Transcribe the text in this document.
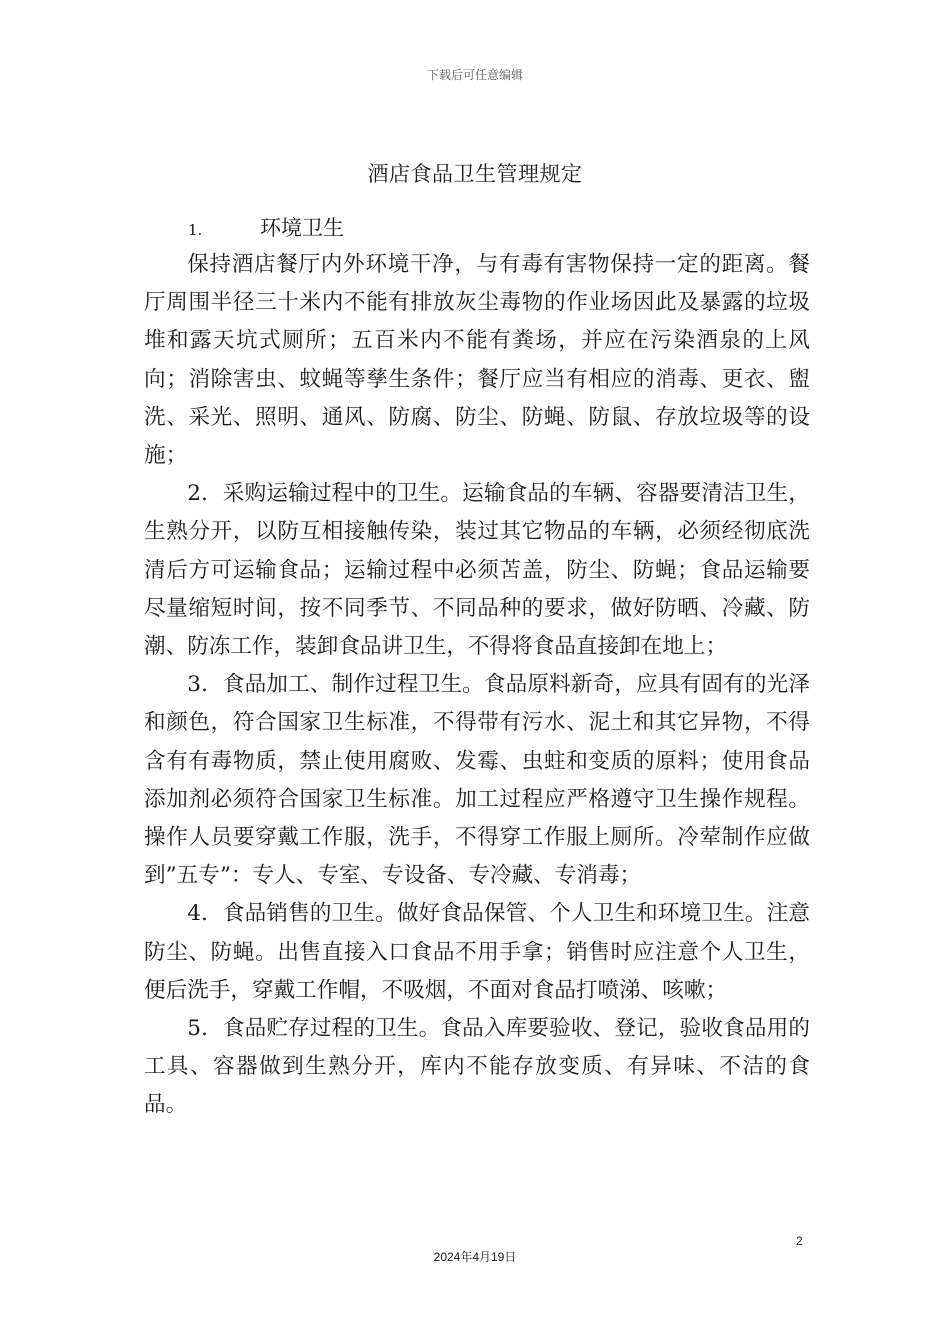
下载后可任意编辑
酒店食品卫生管理规定
1.	环境卫生

保持酒店餐厅内外环境干净，与有毒有害物保持一定的距离。餐厅周围半径三十米内不能有排放灰尘毒物的作业场因此及暴露的垃圾堆和露天坑式厕所；五百米内不能有粪场，并应在污染酒泉的上风向；消除害虫、蚊蝇等孳生条件；餐厅应当有相应的消毒、更衣、盥洗、采光、照明、通风、防腐、防尘、防蝇、防鼠、存放垃圾等的设施；

2．采购运输过程中的卫生。运输食品的车辆、容器要清洁卫生，生熟分开，以防互相接触传染，装过其它物品的车辆，必须经彻底洗清后方可运输食品；运输过程中必须苫盖，防尘、防蝇；食品运输要尽量缩短时间，按不同季节、不同品种的要求，做好防晒、冷藏、防潮、防冻工作，装卸食品讲卫生，不得将食品直接卸在地上；

3．食品加工、制作过程卫生。食品原料新奇，应具有固有的光泽和颜色，符合国家卫生标准，不得带有污水、泥土和其它异物，不得含有有毒物质，禁止使用腐败、发霉、虫蛀和变质的原料；使用食品添加剂必须符合国家卫生标准。加工过程应严格遵守卫生操作规程。操作人员要穿戴工作服，洗手，不得穿工作服上厕所。冷荤制作应做到”五专”：专人、专室、专设备、专冷藏、专消毒；

4．食品销售的卫生。做好食品保管、个人卫生和环境卫生。注意防尘、防蝇。出售直接入口食品不用手拿；销售时应注意个人卫生，便后洗手，穿戴工作帽，不吸烟，不面对食品打喷涕、咳嗽；

5．食品贮存过程的卫生。食品入库要验收、登记，验收食品用的工具、容器做到生熟分开，库内不能存放变质、有异味、不洁的食品。

2
2024年4月19日
